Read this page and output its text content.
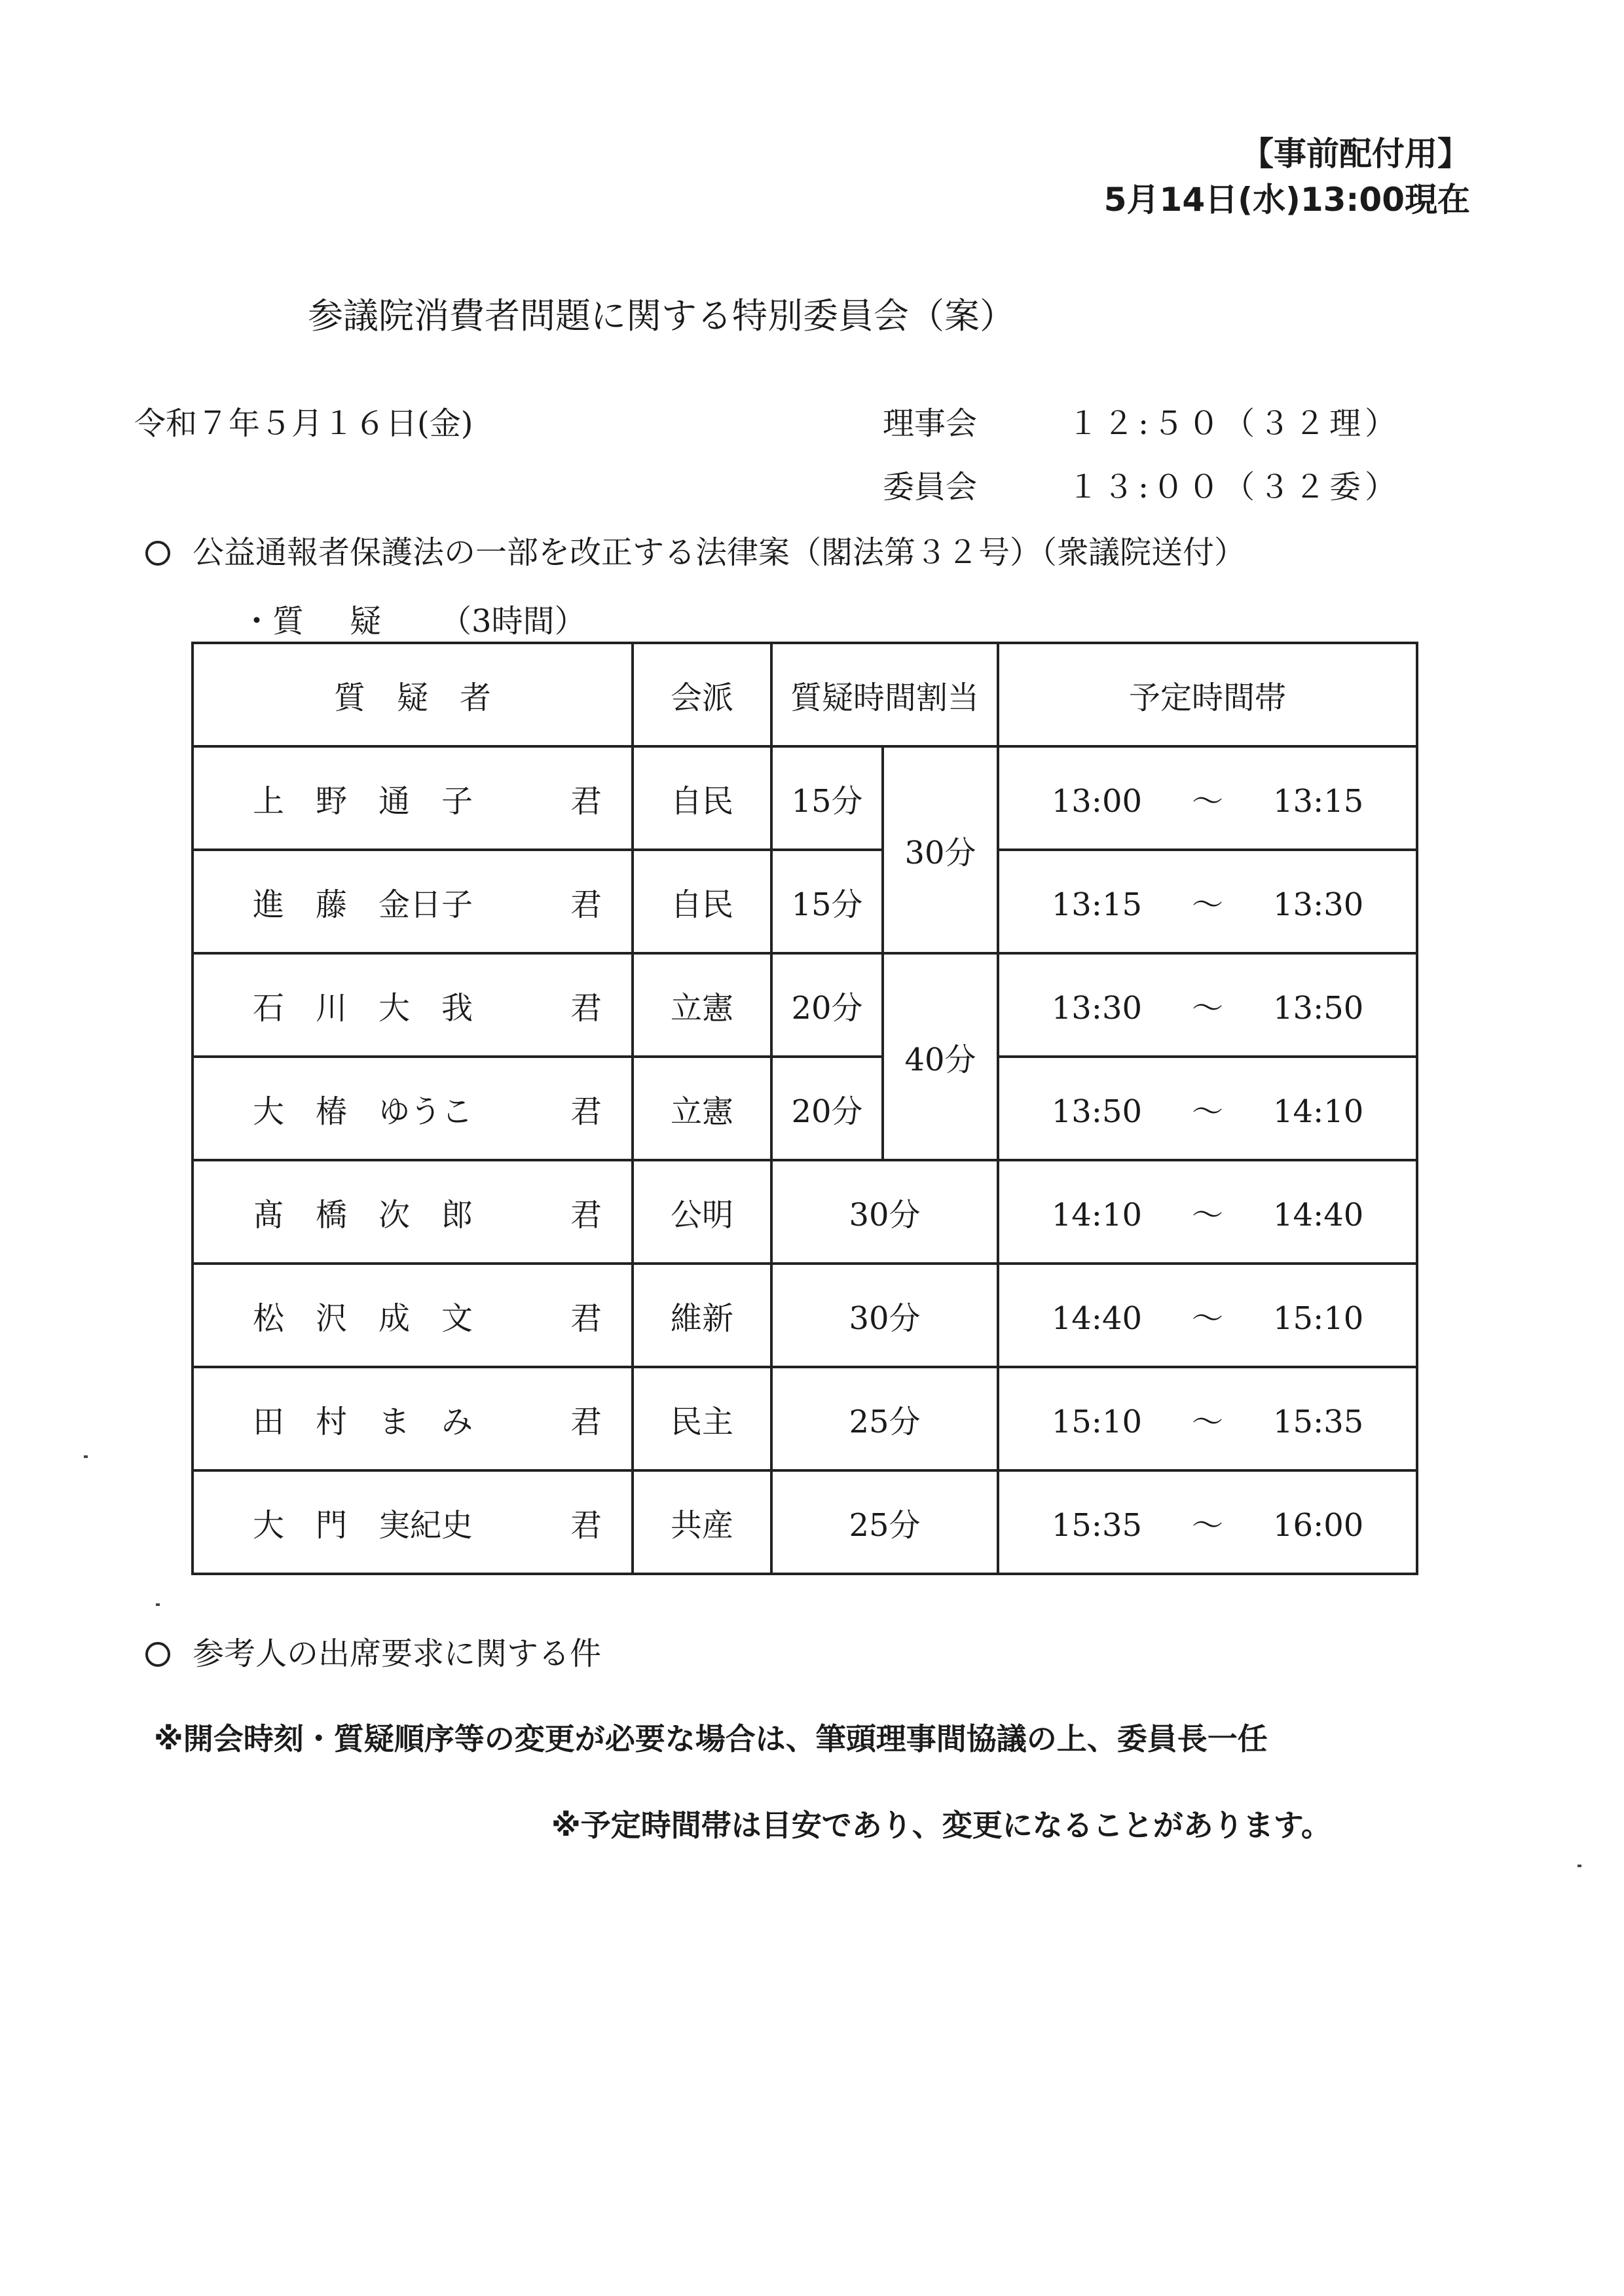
【事前配付用】
5月14日(水)13:00現在
参議院消費者問題に関する特別委員会（案）
令和７年５月１６日(金)	理事会	１２:５０（３２理）
委員会	１３:００（３２委）
公益通報者保護法の一部を改正する法律案（閣法第３２号）（衆議院送付）
・質 疑 （3時間）
質　疑　者	会派	質疑時間割当		予定時間帯
上　野　通　子 君	自民	15分	30分	13:00 ～ 13:15
進　藤　金日子 君	自民	15分		13:15 ～ 13:30
石　川　大　我 君	立憲	20分	40分	13:30 ～ 13:50
大　椿　ゆうこ 君	立憲	20分		13:50 ～ 14:10
髙　橋　次　郎 君	公明	30分		14:10 ～ 14:40
松　沢　成　文 君	維新	30分		14:40 ～ 15:10
田　村　ま　み 君	民主	25分		15:10 ～ 15:35
大　門　実紀史 君	共産	25分		15:35 ～ 16:00
参考人の出席要求に関する件
※開会時刻・質疑順序等の変更が必要な場合は、筆頭理事間協議の上、委員長一任
※予定時間帯は目安であり、変更になることがあります。
